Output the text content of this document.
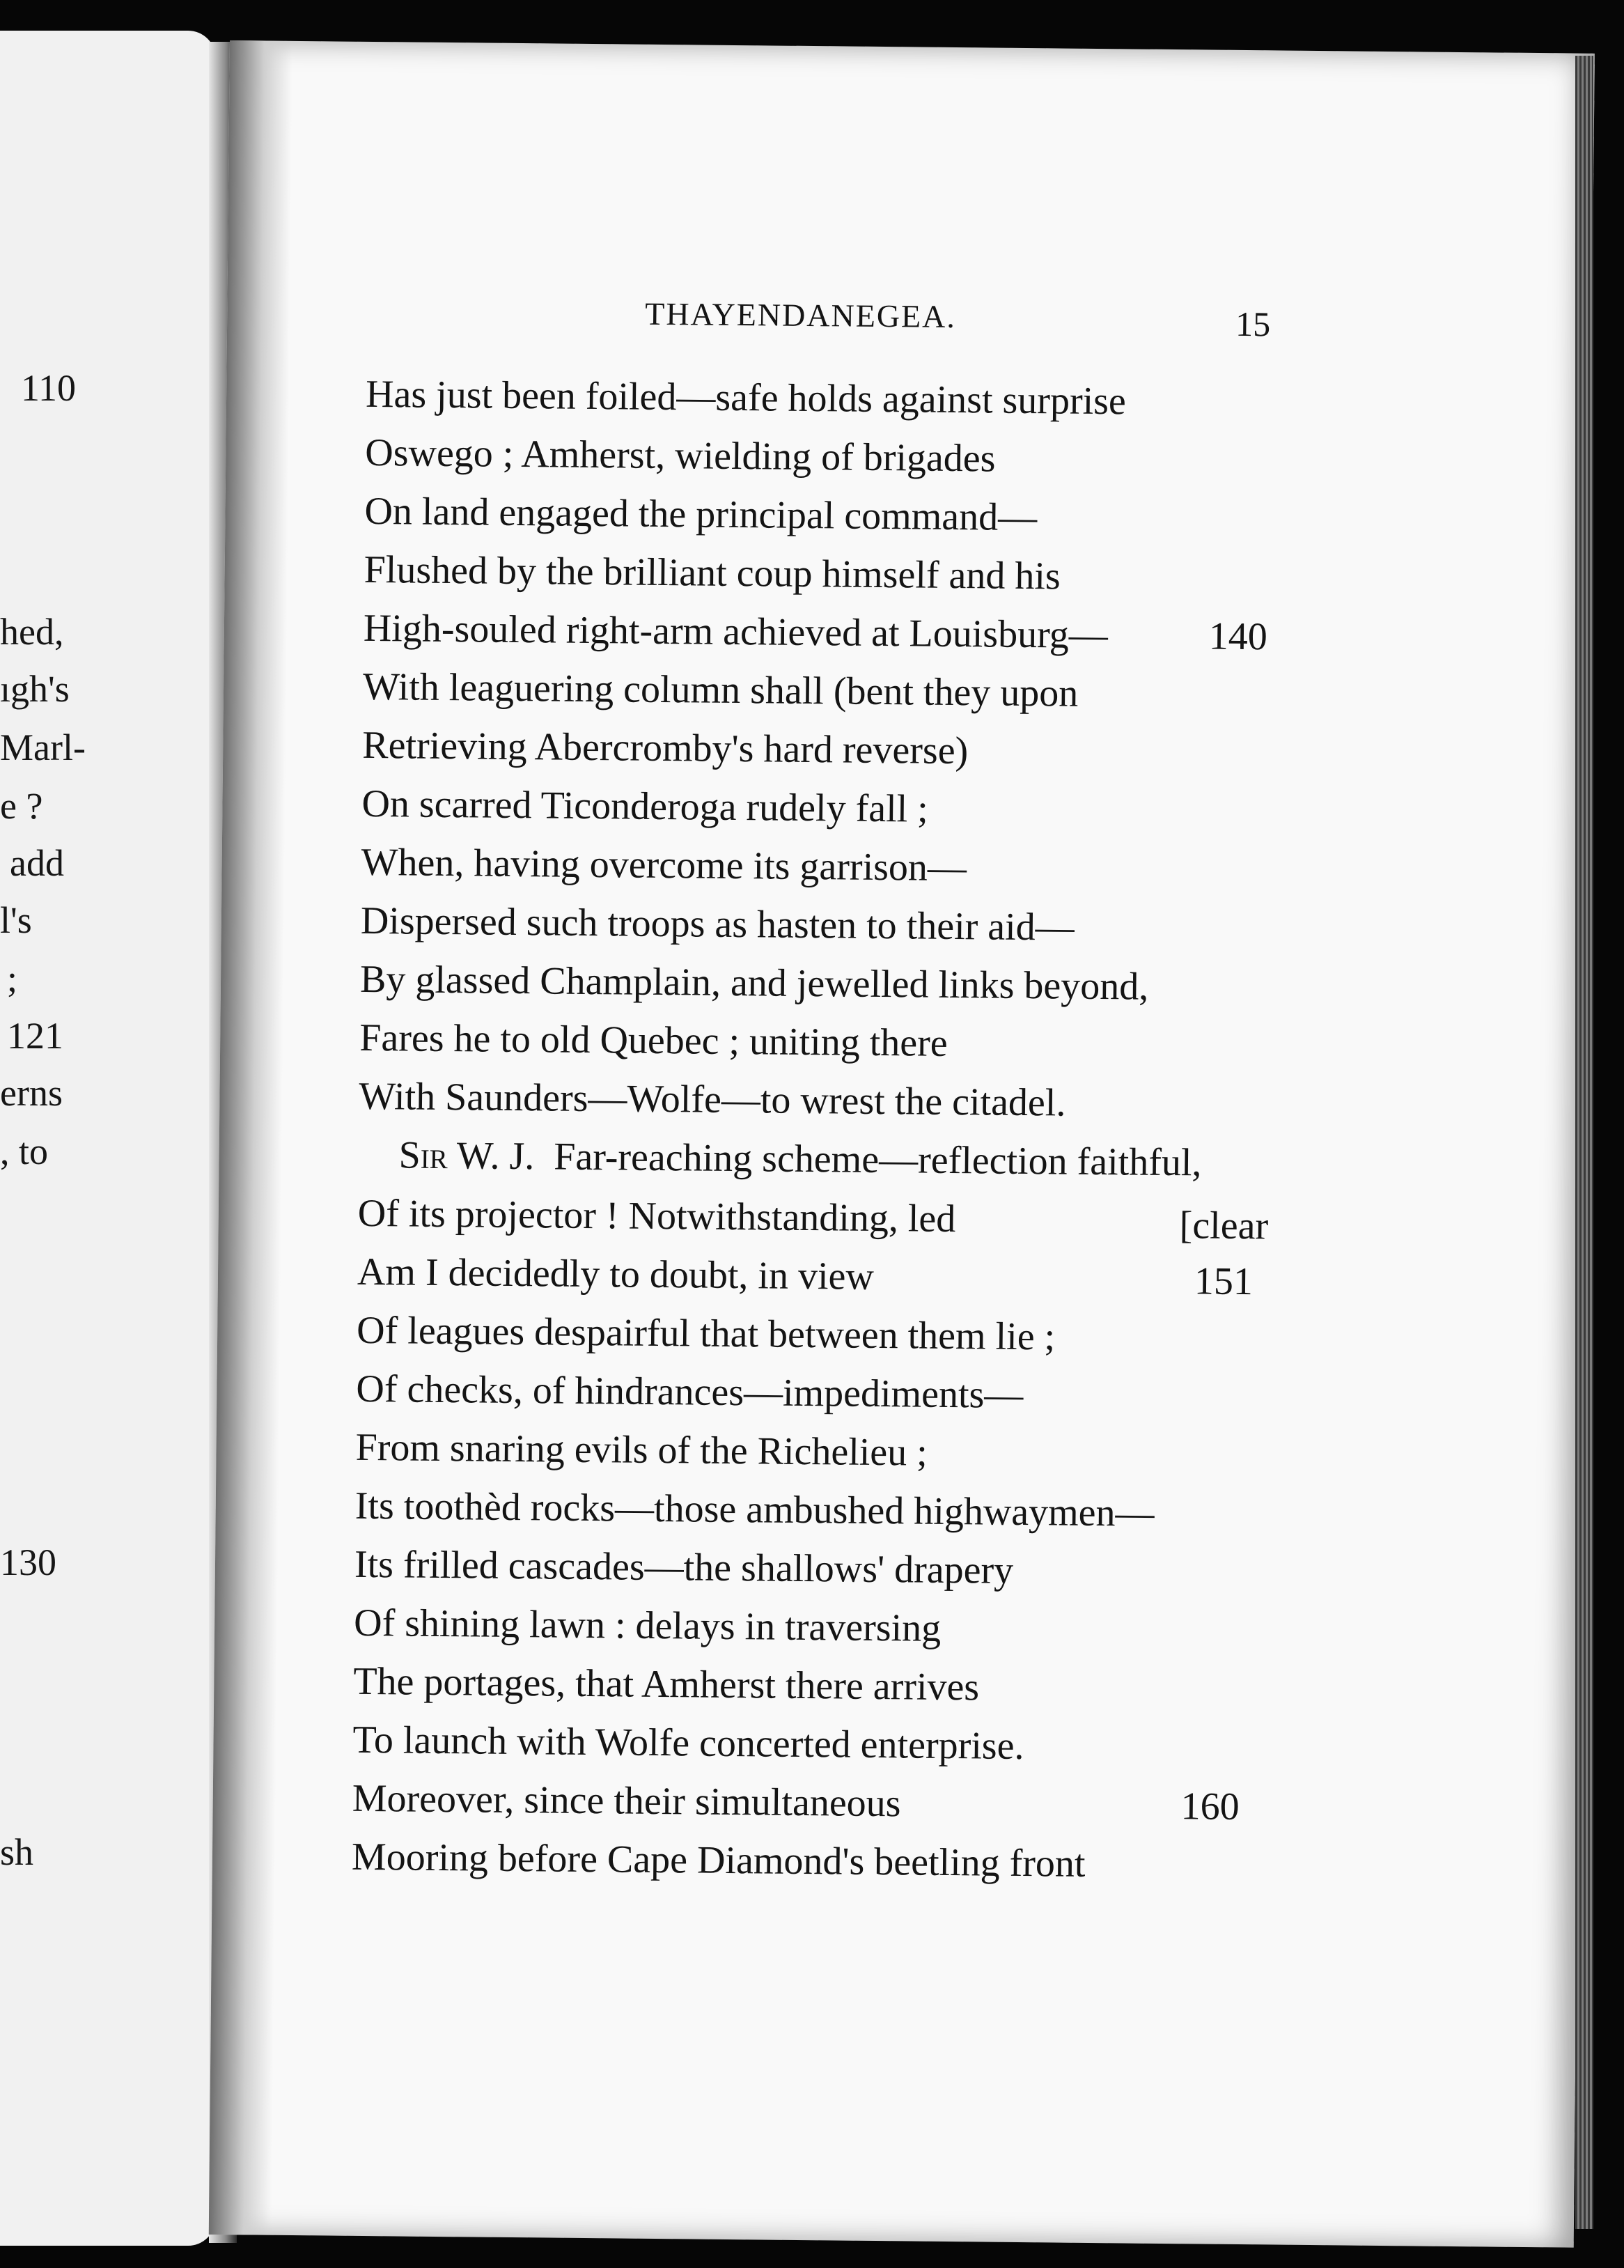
110
hed,
ıgh's
Marl-
e ?
add
l's
;
121
erns
, to
130
sh
THAYENDANEGEA.	15
Has just been foiled—safe holds against surprise
Oswego ; Amherst, wielding of brigades
On land engaged the principal command—
Flushed by the brilliant coup himself and his
High-souled right-arm achieved at Louisburg—	140
With leaguering column shall (bent they upon
Retrieving Abercromby's hard reverse)
On scarred Ticonderoga rudely fall ;
When, having overcome its garrison—
Dispersed such troops as hasten to their aid—
By glassed Champlain, and jewelled links beyond,
Fares he to old Quebec ; uniting there
With Saunders—Wolfe—to wrest the citadel.
Sir W. J. Far-reaching scheme—reflection faithful,
Of its projector ! Notwithstanding, led	[clear
Am I decidedly to doubt, in view	151
Of leagues despairful that between them lie ;
Of checks, of hindrances—impediments—
From snaring evils of the Richelieu ;
Its toothèd rocks—those ambushed highwaymen—
Its frilled cascades—the shallows' drapery
Of shining lawn : delays in traversing
The portages, that Amherst there arrives
To launch with Wolfe concerted enterprise.
Moreover, since their simultaneous	160
Mooring before Cape Diamond's beetling front
